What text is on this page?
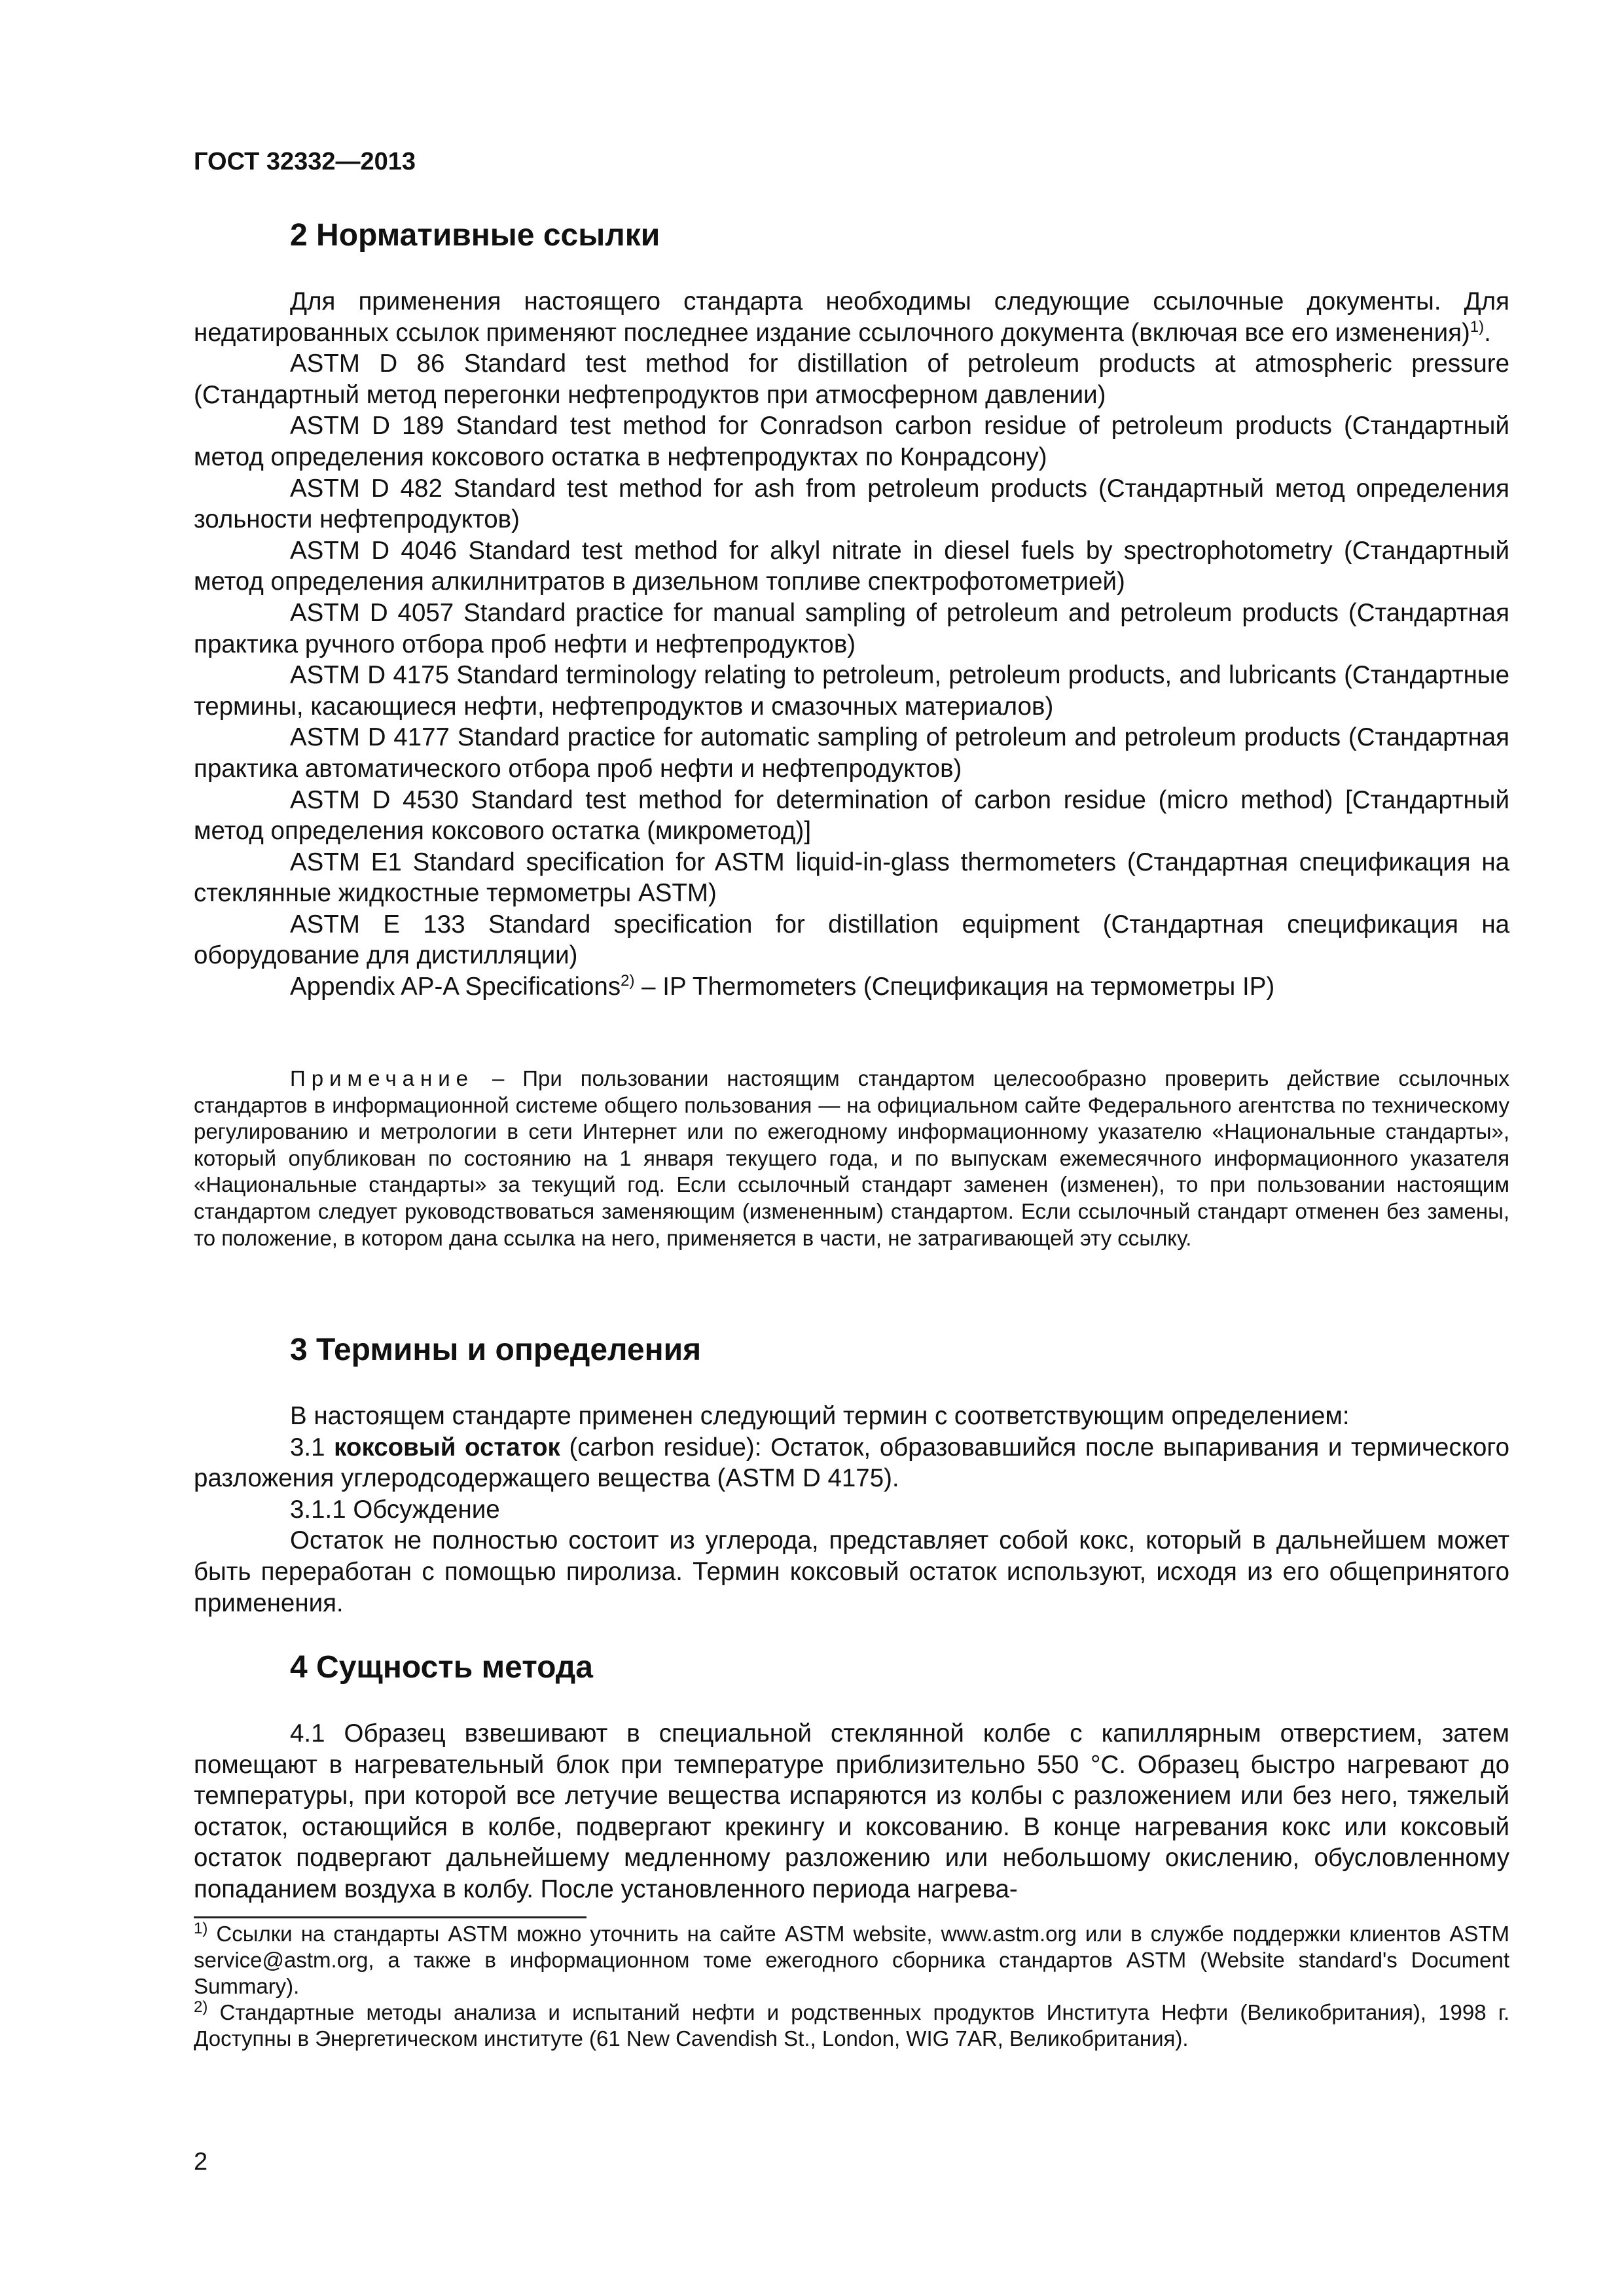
ГОСТ 32332—2013

2 Нормативные ссылки

Для применения настоящего стандарта необходимы следующие ссылочные документы. Для недатированных ссылок применяют последнее издание ссылочного документа (включая все его изменения)$^{1)}$.

ASTM D 86 Standard test method for distillation of petroleum products at atmospheric pressure (Стандартный метод перегонки нефтепродуктов при атмосферном давлении)

ASTM D 189 Standard test method for Conradson carbon residue of petroleum products (Стандартный метод определения коксового остатка в нефтепродуктах по Конрадсону)

ASTM D 482 Standard test method for ash from petroleum products (Стандартный метод определения зольности нефтепродуктов)

ASTM D 4046 Standard test method for alkyl nitrate in diesel fuels by spectrophotometry (Стандартный метод определения алкилнитратов в дизельном топливе спектрофотометрией)

ASTM D 4057 Standard practice for manual sampling of petroleum and petroleum products (Стандартная практика ручного отбора проб нефти и нефтепродуктов)

ASTM D 4175 Standard terminology relating to petroleum, petroleum products, and lubricants (Стандартные термины, касающиеся нефти, нефтепродуктов и смазочных материалов)

ASTM D 4177 Standard practice for automatic sampling of petroleum and petroleum products (Стандартная практика автоматического отбора проб нефти и нефтепродуктов)

ASTM D 4530 Standard test method for determination of carbon residue (micro method) [Стандартный метод определения коксового остатка (микрометод)]

ASTM E1 Standard specification for ASTM liquid-in-glass thermometers (Стандартная спецификация на стеклянные жидкостные термометры ASTM)

ASTM E 133 Standard specification for distillation equipment (Стандартная спецификация на оборудование для дистилляции)

Appendix AP-A Specifications$^{2)}$ – IP Thermometers (Спецификация на термометры IP)

Примечание – При пользовании настоящим стандартом целесообразно проверить действие ссылочных стандартов в информационной системе общего пользования — на официальном сайте Федерального агентства по техническому регулированию и метрологии в сети Интернет или по ежегодному информационному указателю «Национальные стандарты», который опубликован по состоянию на 1 января текущего года, и по выпускам ежемесячного информационного указателя «Национальные стандарты» за текущий год. Если ссылочный стандарт заменен (изменен), то при пользовании настоящим стандартом следует руководствоваться заменяющим (измененным) стандартом. Если ссылочный стандарт отменен без замены, то положение, в котором дана ссылка на него, применяется в части, не затрагивающей эту ссылку.

3 Термины и определения

В настоящем стандарте применен следующий термин с соответствующим определением:

3.1 коксовый остаток (carbon residue): Остаток, образовавшийся после выпаривания и термического разложения углеродсодержащего вещества (ASTM D 4175).

3.1.1 Обсуждение

Остаток не полностью состоит из углерода, представляет собой кокс, который в дальнейшем может быть переработан с помощью пиролиза. Термин коксовый остаток используют, исходя из его общепринятого применения.

4 Сущность метода

4.1 Образец взвешивают в специальной стеклянной колбе с капиллярным отверстием, затем помещают в нагревательный блок при температуре приблизительно 550 °С. Образец быстро нагревают до температуры, при которой все летучие вещества испаряются из колбы с разложением или без него, тяжелый остаток, остающийся в колбе, подвергают крекингу и коксованию. В конце нагревания кокс или коксовый остаток подвергают дальнейшему медленному разложению или небольшому окислению, обусловленному попаданием воздуха в колбу. После установленного периода нагрева-

$^{1)}$ Ссылки на стандарты ASTM можно уточнить на сайте ASTM website, www.astm.org или в службе поддержки клиентов ASTM service@astm.org, а также в информационном томе ежегодного сборника стандартов ASTM (Website standard's Document Summary).

$^{2)}$ Стандартные методы анализа и испытаний нефти и родственных продуктов Института Нефти (Великобритания), 1998 г. Доступны в Энергетическом институте (61 New Cavendish St., London, WIG 7AR, Великобритания).

2
